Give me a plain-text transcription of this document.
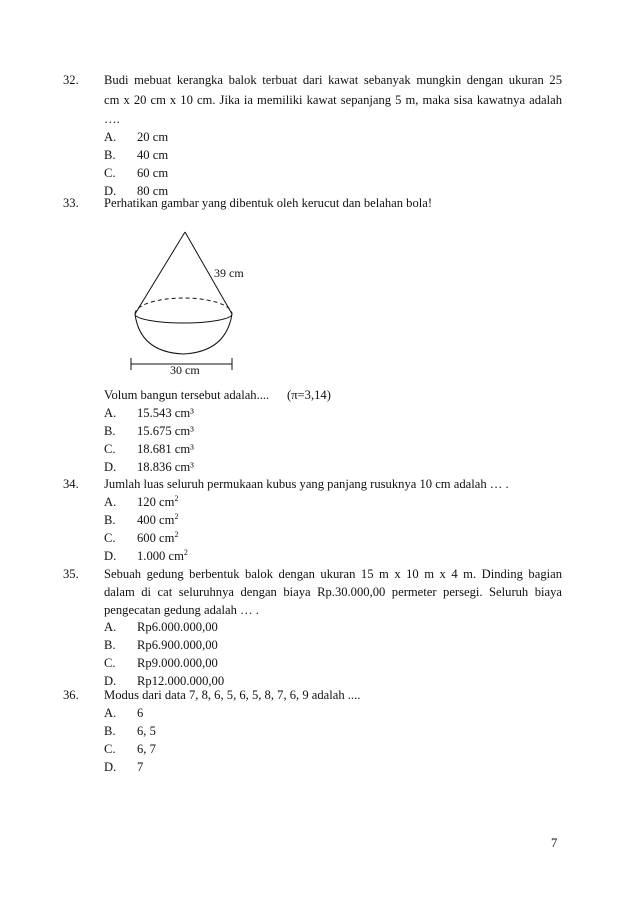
32. Budi mebuat kerangka balok terbuat dari kawat sebanyak mungkin dengan ukuran 25
cm x 20 cm x 10 cm. Jika ia memiliki kawat sepanjang 5 m, maka sisa kawatnya adalah
….
A. 20 cm
B. 40 cm
C. 60 cm
D. 80 cm
33. Perhatikan gambar yang dibentuk oleh kerucut dan belahan bola!
39 cm
30 cm
Volum bangun tersebut adalah.... (π=3,14)
A. 15.543 cm³
B. 15.675 cm³
C. 18.681 cm³
D. 18.836 cm³
34. Jumlah luas seluruh permukaan kubus yang panjang rusuknya 10 cm adalah … .
A. 120 $cm^2$
B. 400 $cm^2$
C. 600 $cm^2$
D. 1.000 $cm^2$
35. Sebuah gedung berbentuk balok dengan ukuran 15 m x 10 m x 4 m. Dinding bagian
dalam di cat seluruhnya dengan biaya Rp.30.000,00 permeter persegi. Seluruh biaya
pengecatan gedung adalah … .
A. Rp6.000.000,00
B. Rp6.900.000,00
C. Rp9.000.000,00
D. Rp12.000.000,00
36. Modus dari data 7, 8, 6, 5, 6, 5, 8, 7, 6, 9 adalah ....
A. 6
B. 6, 5
C. 6, 7
D. 7
7
